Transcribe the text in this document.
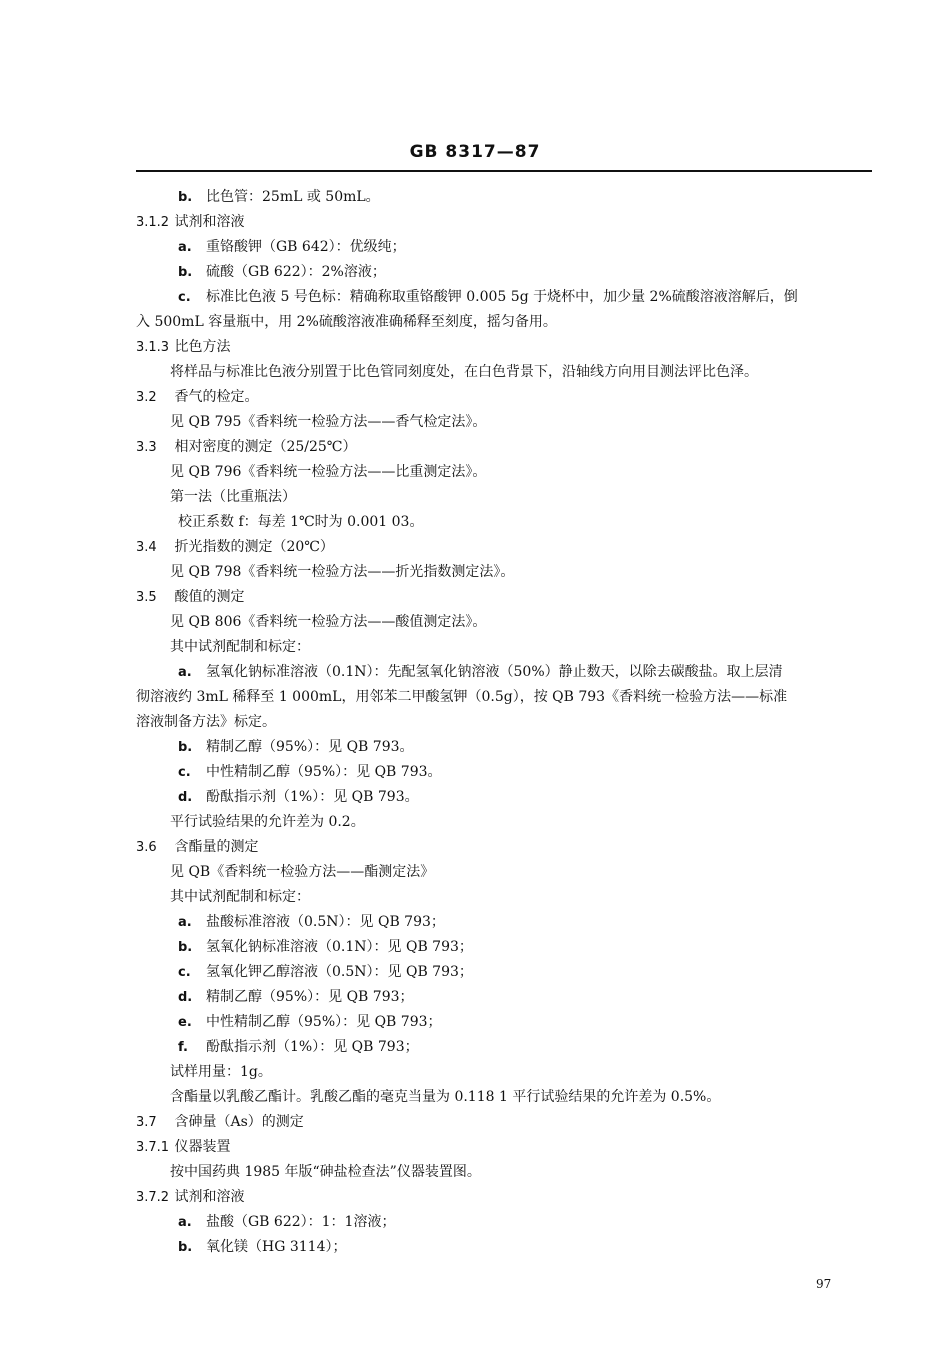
GB 8317—87
b. 比色管：25mL 或 50mL。
3.1.2 试剂和溶液
a. 重铬酸钾（GB 642）：优级纯；
b. 硫酸（GB 622）：2%溶液；
c. 标准比色液 5 号色标：精确称取重铬酸钾 0.005 5g 于烧杯中，加少量 2%硫酸溶液溶解后，倒
入 500mL 容量瓶中，用 2%硫酸溶液准确稀释至刻度，摇匀备用。
3.1.3 比色方法
将样品与标准比色液分别置于比色管同刻度处，在白色背景下，沿轴线方向用目测法评比色泽。
3.2 香气的检定。
见 QB 795《香料统一检验方法——香气检定法》。
3.3 相对密度的测定（25/25℃）
见 QB 796《香料统一检验方法——比重测定法》。
第一法（比重瓶法）
校正系数 f：每差 1℃时为 0.001 03。
3.4 折光指数的测定（20℃）
见 QB 798《香料统一检验方法——折光指数测定法》。
3.5 酸值的测定
见 QB 806《香料统一检验方法——酸值测定法》。
其中试剂配制和标定：
a. 氢氧化钠标准溶液（0.1N）：先配氢氧化钠溶液（50%）静止数天，以除去碳酸盐。取上层清
彻溶液约 3mL 稀释至 1 000mL，用邻苯二甲酸氢钾（0.5g），按 QB 793《香料统一检验方法——标准
溶液制备方法》标定。
b. 精制乙醇（95%）：见 QB 793。
c. 中性精制乙醇（95%）：见 QB 793。
d. 酚酞指示剂（1%）：见 QB 793。
平行试验结果的允许差为 0.2。
3.6 含酯量的测定
见 QB《香料统一检验方法——酯测定法》
其中试剂配制和标定：
a. 盐酸标准溶液（0.5N）：见 QB 793；
b. 氢氧化钠标准溶液（0.1N）：见 QB 793；
c. 氢氧化钾乙醇溶液（0.5N）：见 QB 793；
d. 精制乙醇（95%）：见 QB 793；
e. 中性精制乙醇（95%）：见 QB 793；
f. 酚酞指示剂（1%）：见 QB 793；
试样用量：1g。
含酯量以乳酸乙酯计。乳酸乙酯的毫克当量为 0.118 1 平行试验结果的允许差为 0.5%。
3.7 含砷量（As）的测定
3.7.1 仪器装置
按中国药典 1985 年版“砷盐检查法”仪器装置图。
3.7.2 试剂和溶液
a. 盐酸（GB 622）：1：1溶液；
b. 氧化镁（HG 3114）；
97
